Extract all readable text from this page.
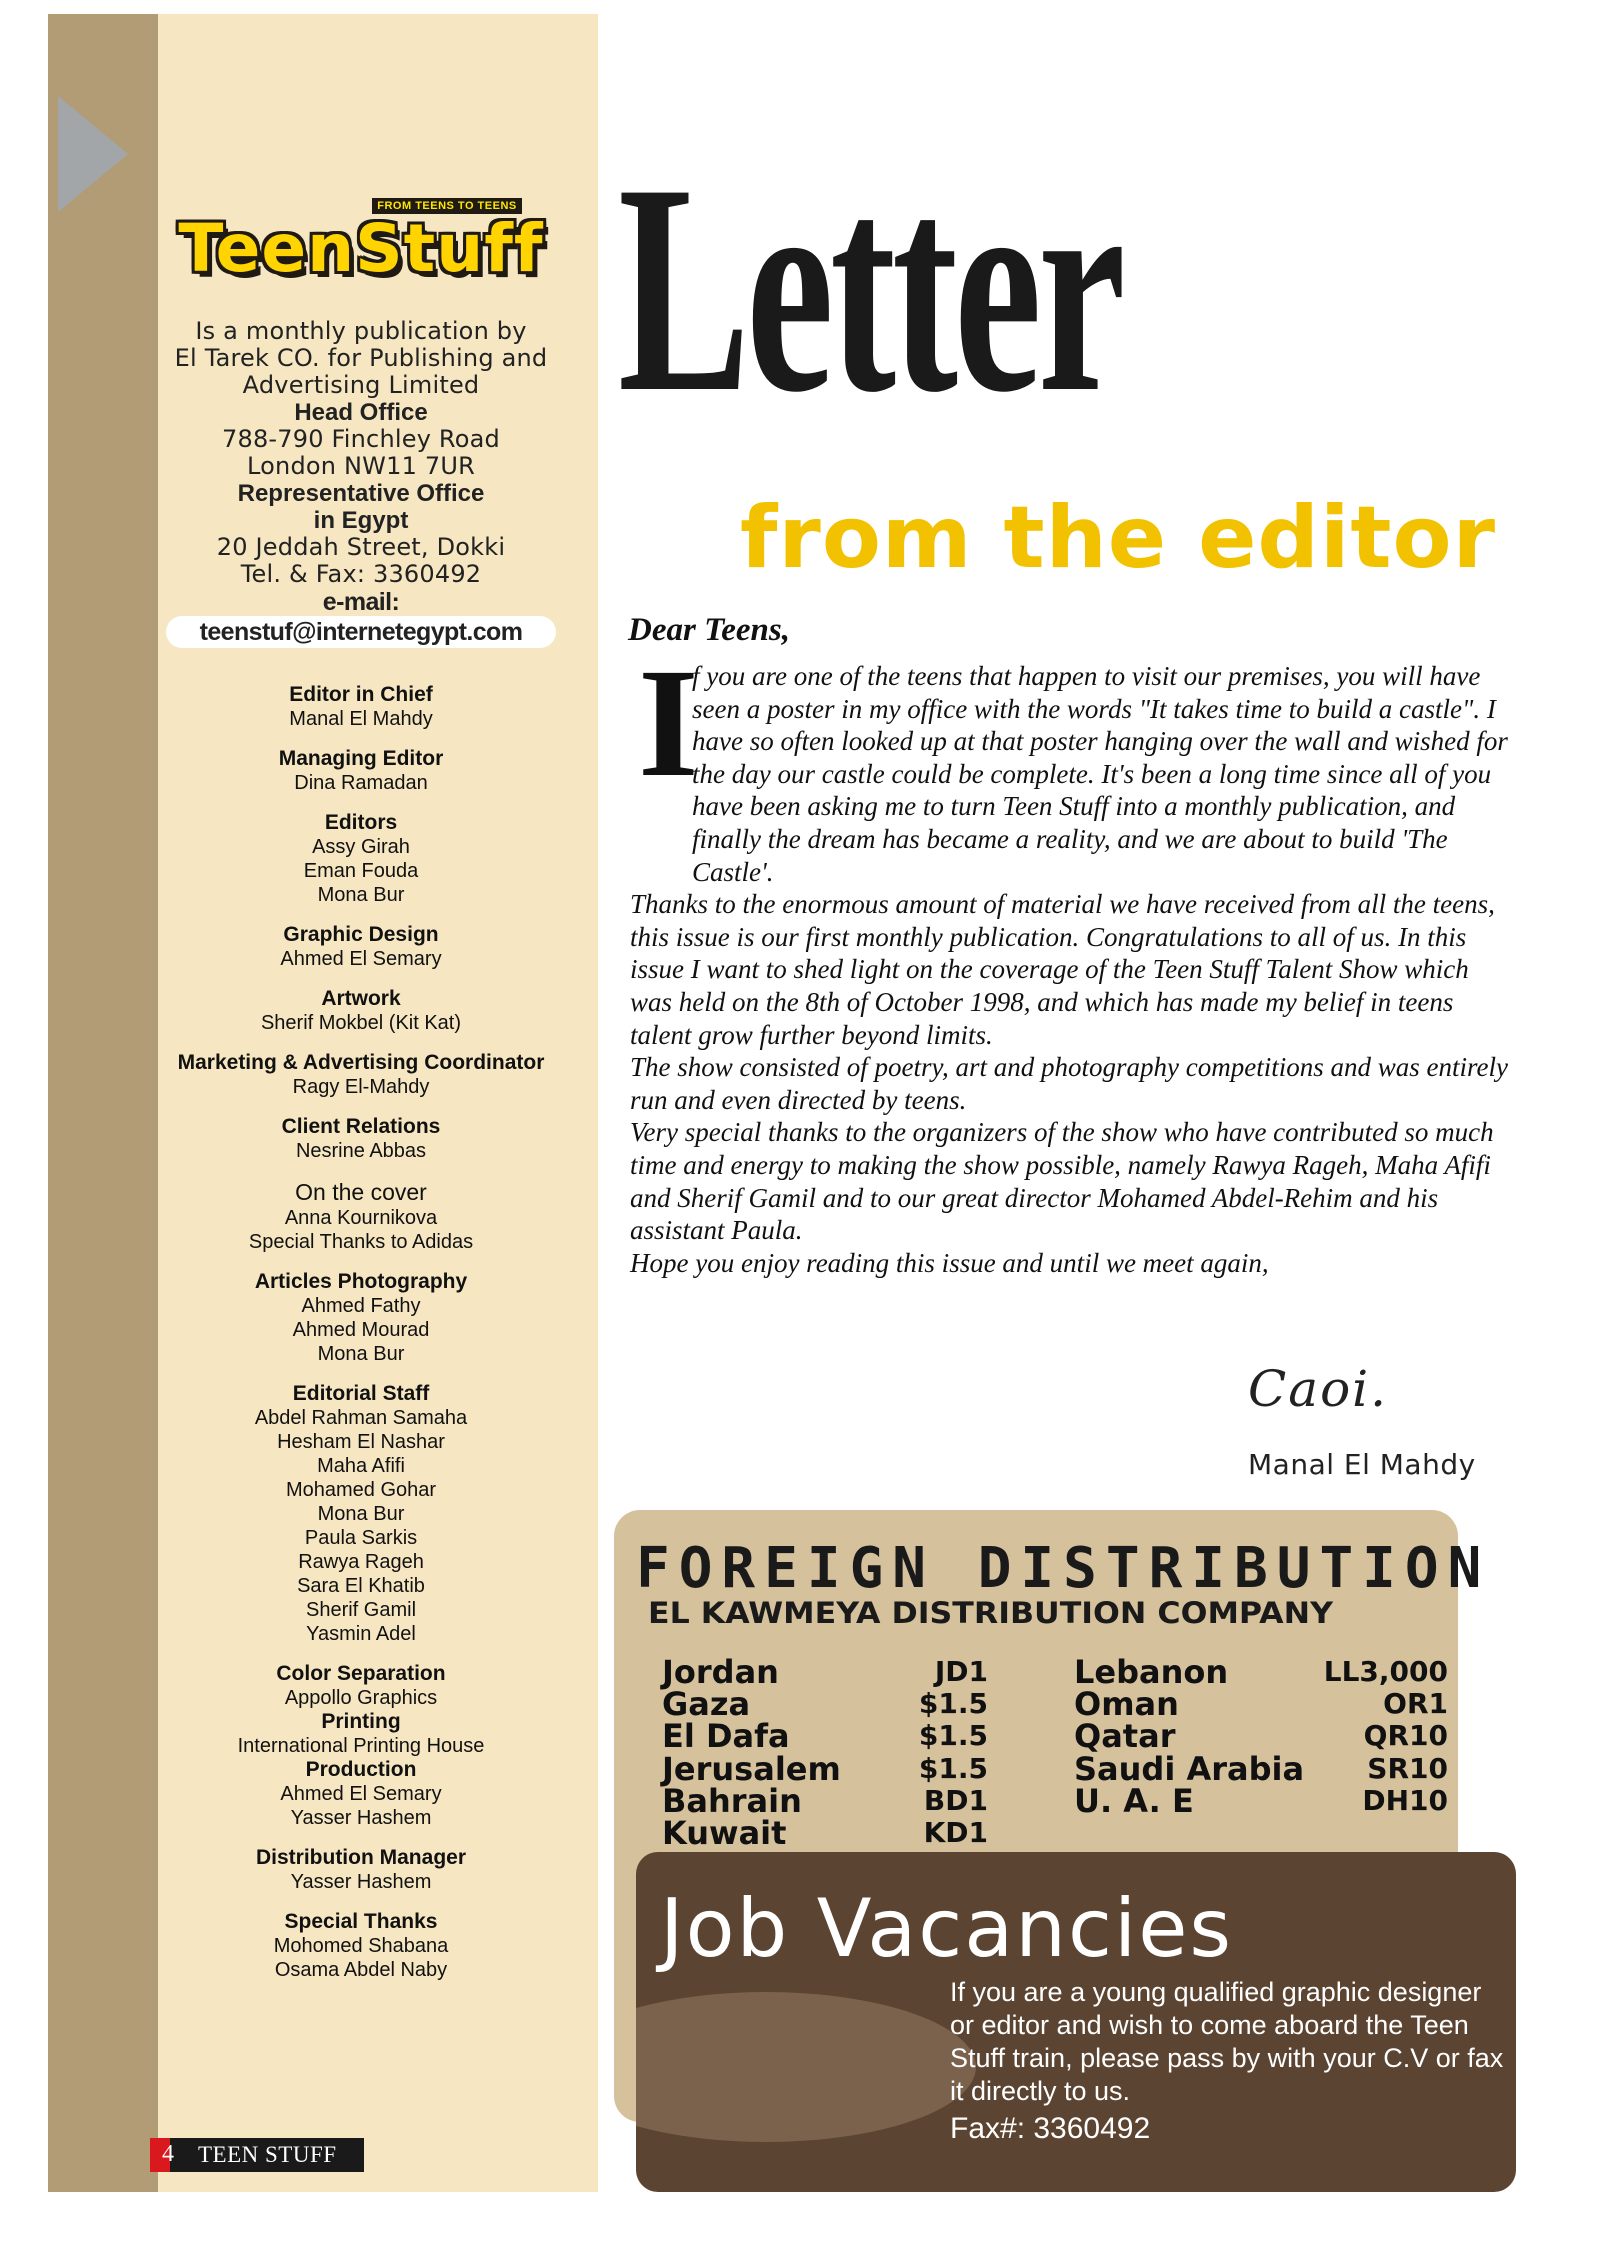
FROM TEENS TO TEENS
TeenStuff
Is a monthly publication by
El Tarek CO. for Publishing and
Advertising Limited
Head Office
788-790 Finchley Road
London NW11 7UR
Representative Office
in Egypt
20 Jeddah Street, Dokki
Tel. & Fax: 3360492
e-mail:
teenstuf@internetegypt.com
Editor in Chief
Manal El Mahdy
Managing Editor
Dina Ramadan
Editors
Assy Girah
Eman Fouda
Mona Bur
Graphic Design
Ahmed El Semary
Artwork
Sherif Mokbel (Kit Kat)
Marketing & Advertising Coordinator
Ragy El-Mahdy
Client Relations
Nesrine Abbas
On the cover
Anna Kournikova
Special Thanks to Adidas
Articles Photography
Ahmed Fathy
Ahmed Mourad
Mona Bur
Editorial Staff
Abdel Rahman Samaha
Hesham El Nashar
Maha Afifi
Mohamed Gohar
Mona Bur
Paula Sarkis
Rawya Rageh
Sara El Khatib
Sherif Gamil
Yasmin Adel
Color Separation
Appollo Graphics
Printing
International Printing House
Production
Ahmed El Semary
Yasser Hashem
Distribution Manager
Yasser Hashem
Special Thanks
Mohomed Shabana
Osama Abdel Naby
4 TEEN STUFF
Letter
from the editor
Dear Teens,
I

f you are one of the teens that happen to visit our premises, you will have seen a poster in my office with the words "It takes time to build a castle". I have so often looked up at that poster hanging over the wall and wished for the day our castle could be complete. It's been a long time since all of you have been asking me to turn Teen Stuff into a monthly publication, and finally the dream has became a reality, and we are about to build 'The Castle'.

Thanks to the enormous amount of material we have received from all the teens, this issue is our first monthly publication. Congratulations to all of us. In this issue I want to shed light on the coverage of the Teen Stuff Talent Show which was held on the 8th of October 1998, and which has made my belief in teens talent grow further beyond limits.

The show consisted of poetry, art and photography competitions and was entirely run and even directed by teens.

Very special thanks to the organizers of the show who have contributed so much time and energy to making the show possible, namely Rawya Rageh, Maha Afifi and Sherif Gamil and to our great director Mohamed Abdel-Rehim and his assistant Paula.

Hope you enjoy reading this issue and until we meet again,

Caoi.
Manal El Mahdy
FOREIGN DISTRIBUTION
EL KAWMEYA DISTRIBUTION COMPANY
Jordan	JD1
Gaza	$1.5
El Dafa	$1.5
Jerusalem	$1.5
Bahrain	BD1
Kuwait	KD1
Lebanon	LL3,000
Oman	OR1
Qatar	QR10
Saudi Arabia	SR10
U. A. E	DH10
Job Vacancies
If you are a young qualified graphic designer or editor and wish to come aboard the Teen Stuff train, please pass by with your C.V or fax it directly to us.
Fax#: 3360492
